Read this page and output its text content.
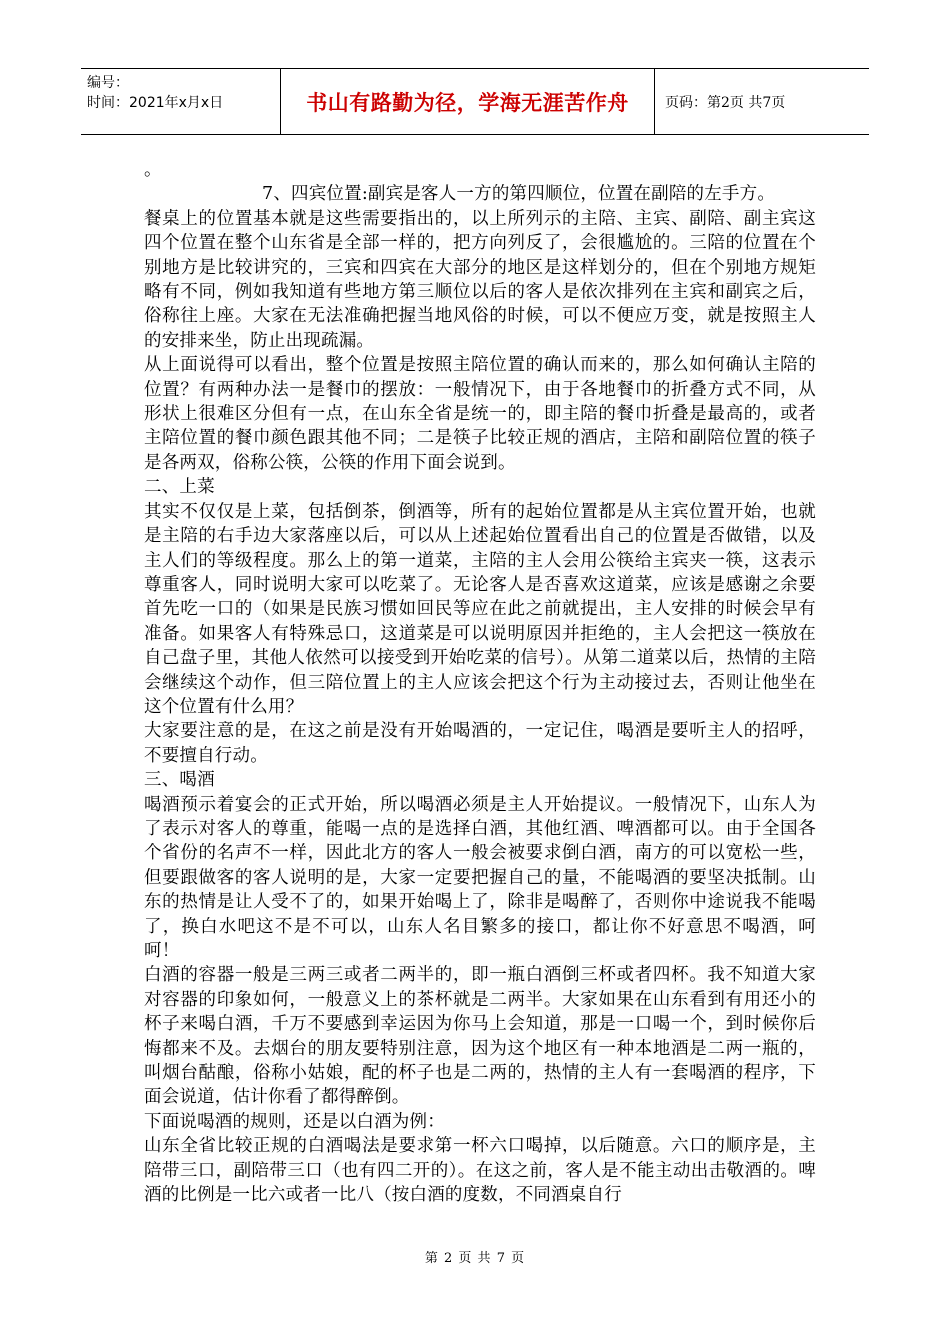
编号：
时间：2021年x月x日	书山有路勤为径，学海无涯苦作舟	页码：第2页 共7页

。

7、四宾位置:副宾是客人一方的第四顺位，位置在副陪的左手方。

餐桌上的位置基本就是这些需要指出的，以上所列示的主陪、主宾、副陪、副主宾这四个位置在整个山东省是全部一样的，把方向列反了，会很尴尬的。三陪的位置在个别地方是比较讲究的，三宾和四宾在大部分的地区是这样划分的，但在个别地方规矩略有不同，例如我知道有些地方第三顺位以后的客人是依次排列在主宾和副宾之后，俗称往上座。大家在无法准确把握当地风俗的时候，可以不便应万变，就是按照主人的安排来坐，防止出现疏漏。

从上面说得可以看出，整个位置是按照主陪位置的确认而来的，那么如何确认主陪的位置？有两种办法一是餐巾的摆放：一般情况下，由于各地餐巾的折叠方式不同，从形状上很难区分但有一点，在山东全省是统一的，即主陪的餐巾折叠是最高的，或者主陪位置的餐巾颜色跟其他不同；二是筷子比较正规的酒店，主陪和副陪位置的筷子是各两双，俗称公筷，公筷的作用下面会说到。

二、上菜

其实不仅仅是上菜，包括倒茶，倒酒等，所有的起始位置都是从主宾位置开始，也就是主陪的右手边大家落座以后，可以从上述起始位置看出自己的位置是否做错，以及主人们的等级程度。那么上的第一道菜，主陪的主人会用公筷给主宾夹一筷，这表示尊重客人，同时说明大家可以吃菜了。无论客人是否喜欢这道菜，应该是感谢之余要首先吃一口的（如果是民族习惯如回民等应在此之前就提出，主人安排的时候会早有准备。如果客人有特殊忌口，这道菜是可以说明原因并拒绝的，主人会把这一筷放在自己盘子里，其他人依然可以接受到开始吃菜的信号）。从第二道菜以后，热情的主陪会继续这个动作，但三陪位置上的主人应该会把这个行为主动接过去，否则让他坐在这个位置有什么用？

大家要注意的是，在这之前是没有开始喝酒的，一定记住，喝酒是要听主人的招呼，不要擅自行动。

三、喝酒

喝酒预示着宴会的正式开始，所以喝酒必须是主人开始提议。一般情况下，山东人为了表示对客人的尊重，能喝一点的是选择白酒，其他红酒、啤酒都可以。由于全国各个省份的名声不一样，因此北方的客人一般会被要求倒白酒，南方的可以宽松一些，但要跟做客的客人说明的是，大家一定要把握自己的量，不能喝酒的要坚决抵制。山东的热情是让人受不了的，如果开始喝上了，除非是喝醉了，否则你中途说我不能喝了，换白水吧这不是不可以，山东人名目繁多的接口，都让你不好意思不喝酒，呵呵！

白酒的容器一般是三两三或者二两半的，即一瓶白酒倒三杯或者四杯。我不知道大家对容器的印象如何，一般意义上的茶杯就是二两半。大家如果在山东看到有用还小的杯子来喝白酒，千万不要感到幸运因为你马上会知道，那是一口喝一个，到时候你后悔都来不及。去烟台的朋友要特别注意，因为这个地区有一种本地酒是二两一瓶的，叫烟台酤酿，俗称小姑娘，配的杯子也是二两的，热情的主人有一套喝酒的程序，下面会说道，估计你看了都得醉倒。

下面说喝酒的规则，还是以白酒为例：

山东全省比较正规的白酒喝法是要求第一杯六口喝掉，以后随意。六口的顺序是，主陪带三口，副陪带三口（也有四二开的）。在这之前，客人是不能主动出击敬酒的。啤酒的比例是一比六或者一比八（按白酒的度数，不同酒桌自行

第 2 页 共 7 页
